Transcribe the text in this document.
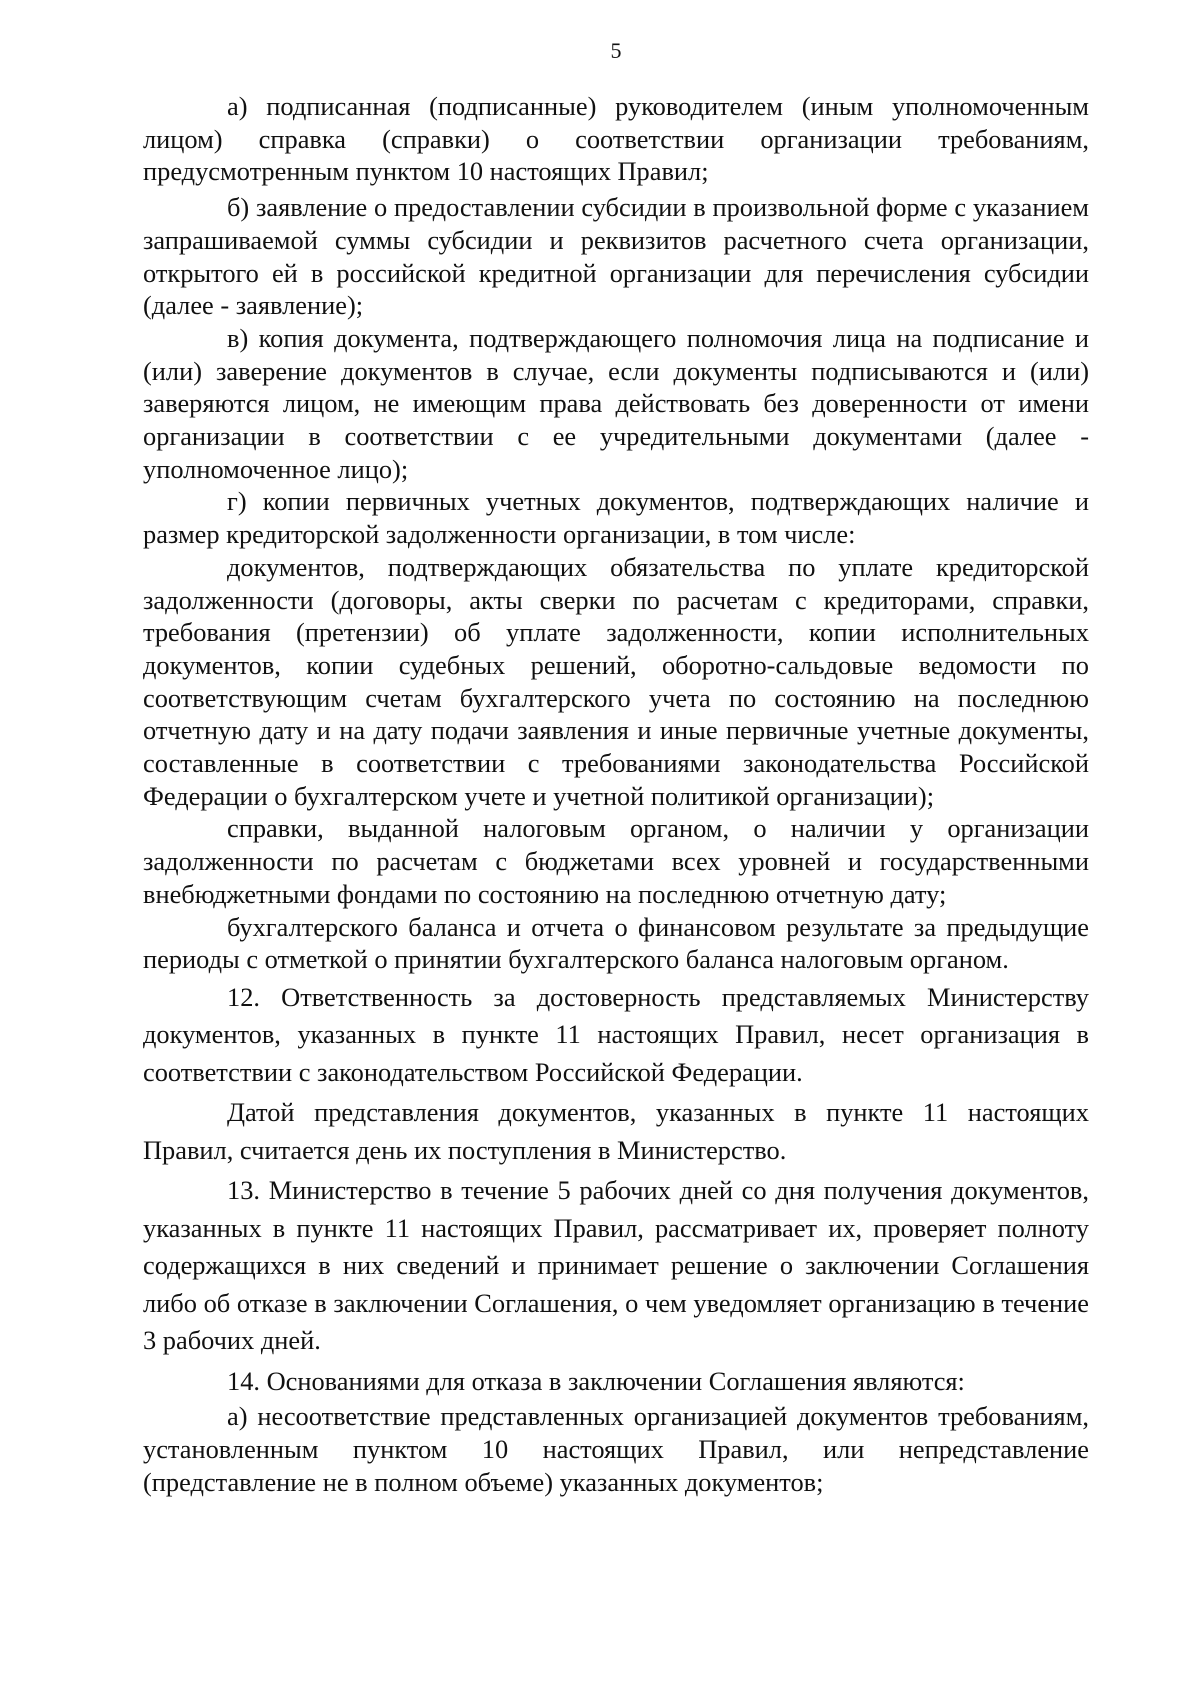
5

а) подписанная (подписанные) руководителем (иным уполномоченным лицом) справка (справки) о соответствии организации требованиям, предусмотренным пунктом 10 настоящих Правил;

б) заявление о предоставлении субсидии в произвольной форме с указанием запрашиваемой суммы субсидии и реквизитов расчетного счета организации, открытого ей в российской кредитной организации для перечисления субсидии (далее - заявление);

в) копия документа, подтверждающего полномочия лица на подписание и (или) заверение документов в случае, если документы подписываются и (или) заверяются лицом, не имеющим права действовать без доверенности от имени организации в соответствии с ее учредительными документами (далее - уполномоченное лицо);

г) копии первичных учетных документов, подтверждающих наличие и размер кредиторской задолженности организации, в том числе:

документов, подтверждающих обязательства по уплате кредиторской задолженности (договоры, акты сверки по расчетам с кредиторами, справки, требования (претензии) об уплате задолженности, копии исполнительных документов, копии судебных решений, оборотно-сальдовые ведомости по соответствующим счетам бухгалтерского учета по состоянию на последнюю отчетную дату и на дату подачи заявления и иные первичные учетные документы, составленные в соответствии с требованиями законодательства Российской Федерации о бухгалтерском учете и учетной политикой организации);

справки, выданной налоговым органом, о наличии у организации задолженности по расчетам с бюджетами всех уровней и государственными внебюджетными фондами по состоянию на последнюю отчетную дату;

бухгалтерского баланса и отчета о финансовом результате за предыдущие периоды с отметкой о принятии бухгалтерского баланса налоговым органом.

12. Ответственность за достоверность представляемых Министерству документов, указанных в пункте 11 настоящих Правил, несет организация в соответствии с законодательством Российской Федерации.

Датой представления документов, указанных в пункте 11 настоящих Правил, считается день их поступления в Министерство.

13. Министерство в течение 5 рабочих дней со дня получения документов, указанных в пункте 11 настоящих Правил, рассматривает их, проверяет полноту содержащихся в них сведений и принимает решение о заключении Соглашения либо об отказе в заключении Соглашения, о чем уведомляет организацию в течение 3 рабочих дней.

14. Основаниями для отказа в заключении Соглашения являются:

а) несоответствие представленных организацией документов требованиям, установленным пунктом 10 настоящих Правил, или непредставление (представление не в полном объеме) указанных документов;
